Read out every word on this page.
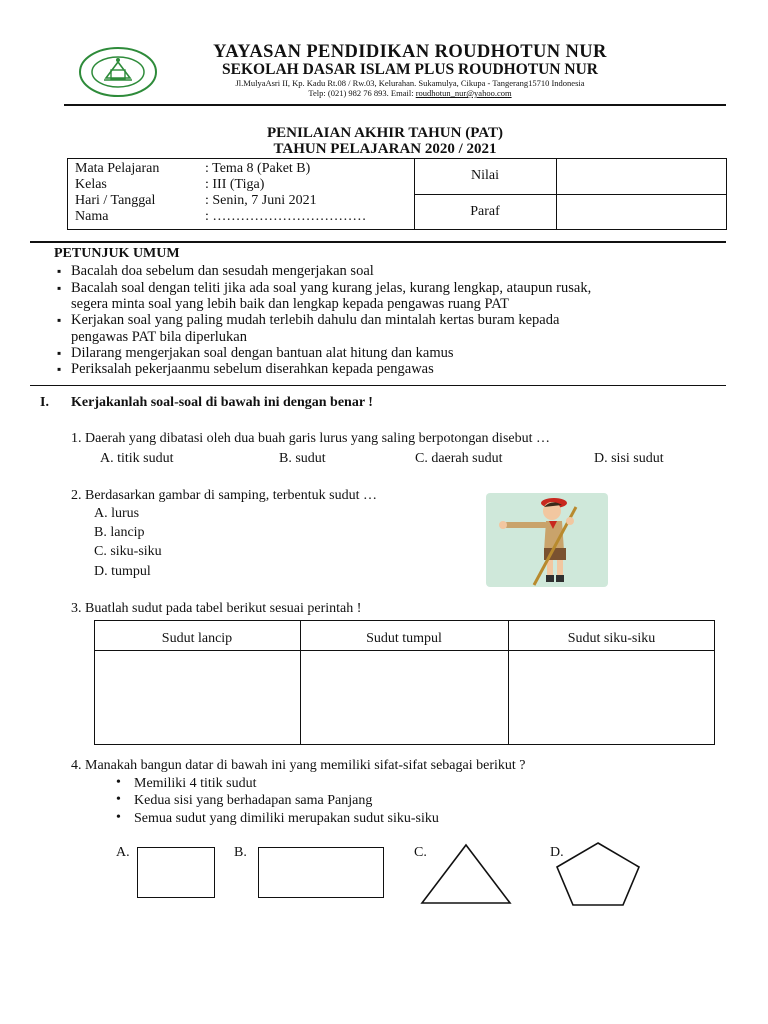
YAYASAN PENDIDIKAN ROUDHOTUN NUR
SEKOLAH DASAR ISLAM PLUS ROUDHOTUN NUR
Jl.MulyaAsri II, Kp. Kadu Rt.08 / Rw.03, Kelurahan. Sukamulya, Cikupa - Tangerang15710 Indonesia
Telp: (021) 982 76 893. Email: roudhotun_nur@yahoo.com
PENILAIAN AKHIR TAHUN (PAT)
TAHUN PELAJARAN 2020 / 2021
Mata Pelajaran	: Tema 8 (Paket B)
Kelas	: III (Tiga)
Hari / Tanggal	: Senin, 7 Juni 2021
Nama	: ……………………………
Nilai
Paraf
PETUNJUK UMUM
▪ Bacalah doa sebelum dan sesudah mengerjakan soal
▪ Bacalah soal dengan teliti jika ada soal yang kurang jelas, kurang lengkap, ataupun rusak,
segera minta soal yang lebih baik dan lengkap kepada pengawas ruang PAT
▪ Kerjakan soal yang paling mudah terlebih dahulu dan mintalah kertas buram kepada
pengawas PAT bila diperlukan
▪ Dilarang mengerjakan soal dengan bantuan alat hitung dan kamus
▪ Periksalah pekerjaanmu sebelum diserahkan kepada pengawas
I. Kerjakanlah soal-soal di bawah ini dengan benar !
1. Daerah yang dibatasi oleh dua buah garis lurus yang saling berpotongan disebut …
A. titik sudut	B. sudut	C. daerah sudut	D. sisi sudut
2. Berdasarkan gambar di samping, terbentuk sudut …
A. lurus
B. lancip
C. siku-siku
D. tumpul
3. Buatlah sudut pada tabel berikut sesuai perintah !
Sudut lancip	Sudut tumpul	Sudut siku-siku
4. Manakah bangun datar di bawah ini yang memiliki sifat-sifat sebagai berikut ?
• Memiliki 4 titik sudut
• Kedua sisi yang berhadapan sama Panjang
• Semua sudut yang dimiliki merupakan sudut siku-siku
A.	B.	C.	D.
